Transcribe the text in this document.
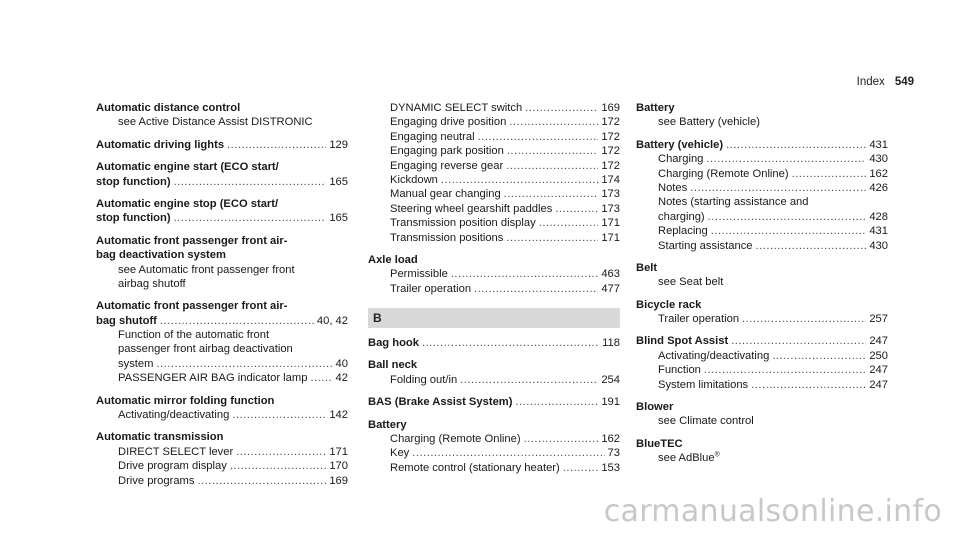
Index 549
Automatic distance control
see Active Distance Assist DISTRONIC
Automatic driving lights .....	129
Automatic engine start (ECO start/
stop function) .....	165
Automatic engine stop (ECO start/
stop function) .....	165
Automatic front passenger front air-
bag deactivation system
see Automatic front passenger front
airbag shutoff
Automatic front passenger front air-
bag shutoff .....	40, 42
Function of the automatic front
passenger front airbag deactivation
system .....	40
PASSENGER AIR BAG indicator lamp .....	42
Automatic mirror folding function
Activating/deactivating .....	142
Automatic transmission
DIRECT SELECT lever .....	171
Drive program display .....	170
Drive programs .....	169
DYNAMIC SELECT switch .....	169
Engaging drive position .....	172
Engaging neutral .....	172
Engaging park position .....	172
Engaging reverse gear .....	172
Kickdown .....	174
Manual gear changing .....	173
Steering wheel gearshift paddles .....	173
Transmission position display .....	171
Transmission positions .....	171
Axle load
Permissible .....	463
Trailer operation .....	477
B
Bag hook .....	118
Ball neck
Folding out/in .....	254
BAS (Brake Assist System) .....	191
Battery
Charging (Remote Online) .....	162
Key .....	73
Remote control (stationary heater) .....	153
Battery
see Battery (vehicle)
Battery (vehicle) .....	431
Charging .....	430
Charging (Remote Online) .....	162
Notes .....	426
Notes (starting assistance and
charging) .....	428
Replacing .....	431
Starting assistance .....	430
Belt
see Seat belt
Bicycle rack
Trailer operation .....	257
Blind Spot Assist .....	247
Activating/deactivating .....	250
Function .....	247
System limitations .....	247
Blower
see Climate control
BlueTEC
see AdBlue®
carmanualsonline.info
